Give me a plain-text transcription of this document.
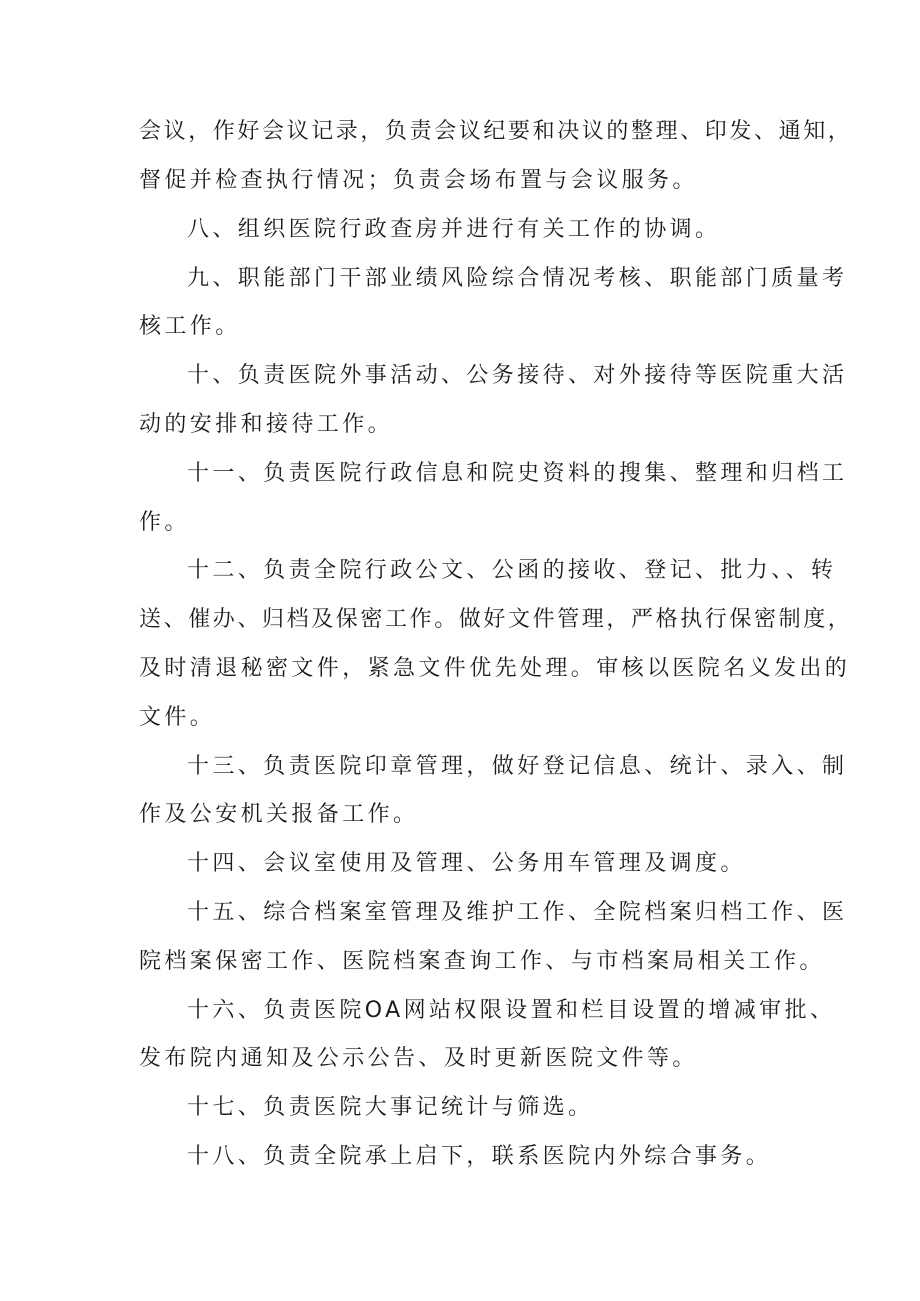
会议，作好会议记录，负责会议纪要和决议的整理、印发、通知，
督促并检查执行情况；负责会场布置与会议服务。
八、组织医院行政查房并进行有关工作的协调。
九、职能部门干部业绩风险综合情况考核、职能部门质量考
核工作。
十、负责医院外事活动、公务接待、对外接待等医院重大活
动的安排和接待工作。
十一、负责医院行政信息和院史资料的搜集、整理和归档工
作。
十二、负责全院行政公文、公函的接收、登记、批力、、转
送、催办、归档及保密工作。做好文件管理，严格执行保密制度，
及时清退秘密文件，紧急文件优先处理。审核以医院名义发出的
文件。
十三、负责医院印章管理，做好登记信息、统计、录入、制
作及公安机关报备工作。
十四、会议室使用及管理、公务用车管理及调度。
十五、综合档案室管理及维护工作、全院档案归档工作、医
院档案保密工作、医院档案查询工作、与市档案局相关工作。
十六、负责医院OA网站权限设置和栏目设置的增减审批、
发布院内通知及公示公告、及时更新医院文件等。
十七、负责医院大事记统计与筛选。
十八、负责全院承上启下，联系医院内外综合事务。
